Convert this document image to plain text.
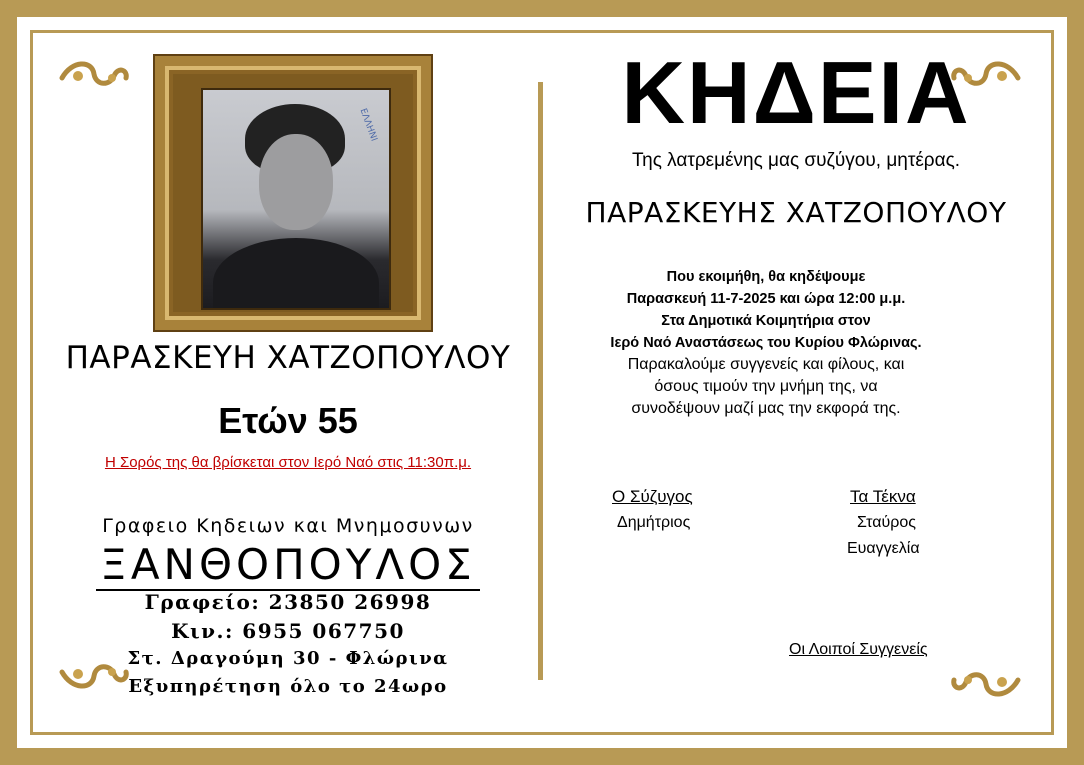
ΕΛΛΗΝΙ
ΠΑΡΑΣΚΕΥΗ ΧΑΤΖΟΠΟΥΛΟΥ
Ετών 55
Η Σορός της θα βρίσκεται στον Ιερό Ναό στις 11:30π.μ.
Γραφειο Κηδειων και Μνημοσυνων
ΞΑΝΘΟΠΟΥΛΟΣ
Γραφείο: 23850 26998
Κιν.: 6955 067750
Στ. Δραγούμη 30 - Φλώρινα
Εξυπηρέτηση όλο το 24ωρο
ΚΗΔΕΙΑ
Της λατρεμένης μας συζύγου, μητέρας.
ΠΑΡΑΣΚΕΥΗΣ ΧΑΤΖΟΠΟΥΛΟΥ
Που εκοιμήθη, θα κηδέψουμε
Παρασκευή 11-7-2025 και ώρα 12:00 μ.μ.
Στα Δημοτικά Κοιμητήρια στον
Ιερό Ναό Αναστάσεως του Κυρίου Φλώρινας.
Παρακαλούμε συγγενείς και φίλους, και
όσους τιμούν την μνήμη της, να
συνοδέψουν μαζί μας την εκφορά της.
Ο Σύζυγος
Δημήτριος
Τα Τέκνα
Σταύρος
Ευαγγελία
Οι Λοιποί Συγγενείς
